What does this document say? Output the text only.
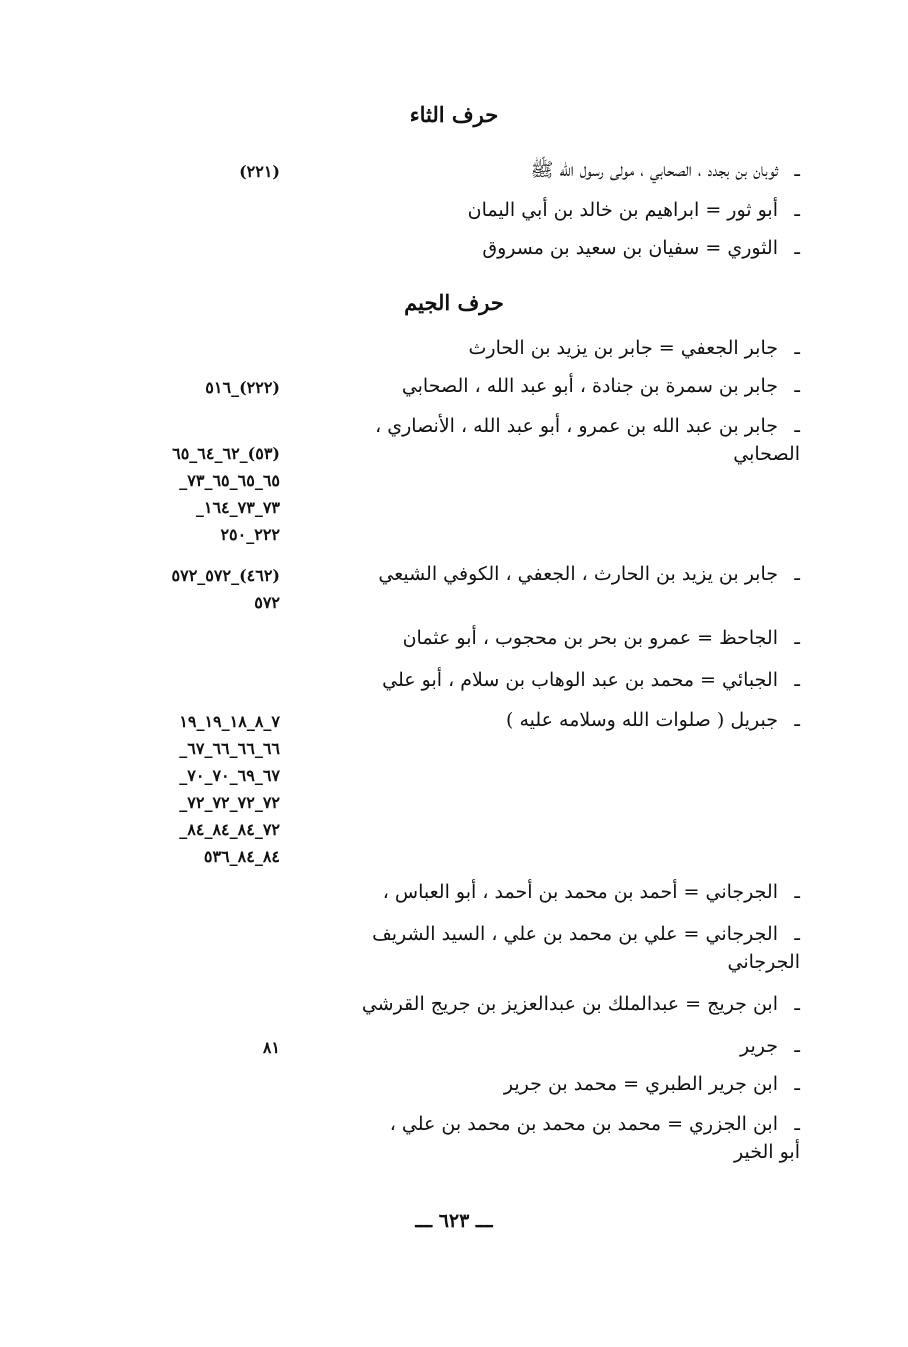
حرف الثاء
ـثوبان بن بجدد ، الصحابي ، مولى رسول الله ﷺ
(٢٢١)
ـأبو ثور = ابراهيم بن خالد بن أبي اليمان
ـالثوري = سفيان بن سعيد بن مسروق
حرف الجيم
ـجابر الجعفي = جابر بن يزيد بن الحارث
ـجابر بن سمرة بن جنادة ، أبو عبد الله ، الصحابي
(٢٢٢)_٥١٦
ـجابر بن عبد الله بن عمرو ، أبو عبد الله ، الأنصاري ،
الصحابي
(٥٣)_٦٢_٦٤_٦٥
٦٥_٦٥_٦٥_٧٣_
٧٣_٧٣_١٦٤_
٢٢٢_٢٥٠
ـجابر بن يزيد بن الحارث ، الجعفي ، الكوفي الشيعي
(٤٦٢)_٥٧٢_٥٧٢
٥٧٢
ـالجاحظ = عمرو بن بحر بن محجوب ، أبو عثمان
ـالجبائي = محمد بن عبد الوهاب بن سلام ، أبو علي
ـجبريل ( صلوات الله وسلامه عليه )
٧_٨_١٨_١٩_١٩
٦٦_٦٦_٦٦_٦٧_
٦٧_٦٩_٧٠_٧٠_
٧٢_٧٢_٧٢_٧٢_
٧٢_٨٤_٨٤_٨٤_
٨٤_٨٤_٥٣٦
ـالجرجاني = أحمد بن محمد بن أحمد ، أبو العباس ،
ـالجرجاني = علي بن محمد بن علي ، السيد الشريف
الجرجاني
ـابن جريج = عبدالملك بن عبدالعزيز بن جريج القرشي
ـجرير
٨١
ـابن جرير الطبري = محمد بن جرير
ـابن الجزري = محمد بن محمد بن محمد بن علي ،
أبو الخير
ـــ ٦٢٣ ـــ
